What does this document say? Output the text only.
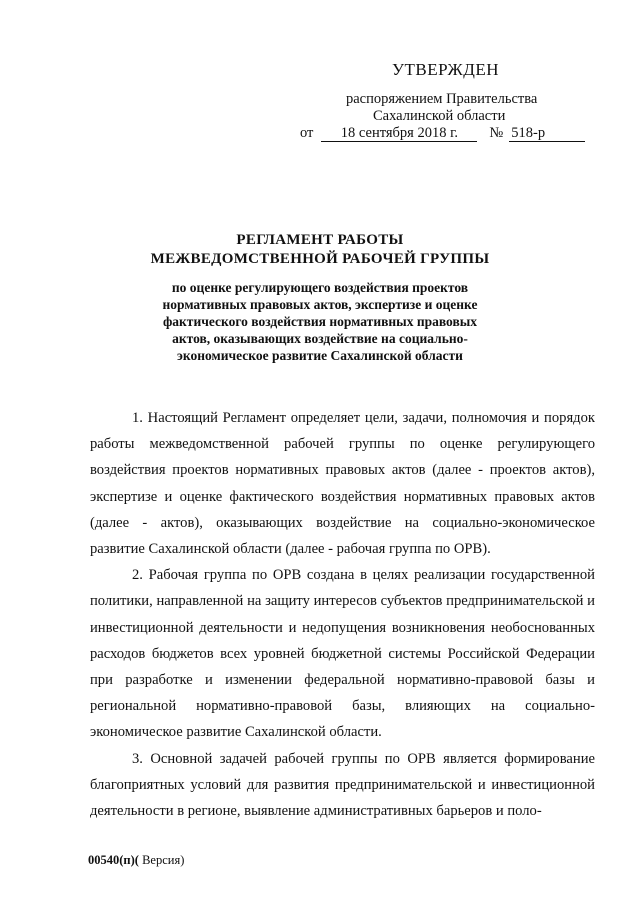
УТВЕРЖДЕН
распоряжением Правительства
Сахалинской области
от	18 сентября 2018 г.	№ 518-р
РЕГЛАМЕНТ РАБОТЫ
МЕЖВЕДОМСТВЕННОЙ РАБОЧЕЙ ГРУППЫ
по оценке регулирующего воздействия проектов
нормативных правовых актов, экспертизе и оценке
фактического воздействия нормативных правовых
актов, оказывающих воздействие на социально-
экономическое развитие Сахалинской области

1. Настоящий Регламент определяет цели, задачи, полномочия и порядок работы межведомственной рабочей группы по оценке регулирующего воздействия проектов нормативных правовых актов (далее - проектов актов), экспертизе и оценке фактического воздействия нормативных правовых актов (далее - актов), оказывающих воздействие на социально-экономическое развитие Сахалинской области (далее - рабочая группа по ОРВ).

2. Рабочая группа по ОРВ создана в целях реализации государственной политики, направленной на защиту интересов субъектов предпринимательской и инвестиционной деятельности и недопущения возникновения необоснованных расходов бюджетов всех уровней бюджетной системы Российской Федерации при разработке и изменении федеральной нормативно-правовой базы и региональной нормативно-правовой базы, влияющих на социально-экономическое развитие Сахалинской области.

3. Основной задачей рабочей группы по ОРВ является формирование благоприятных условий для развития предпринимательской и инвестиционной деятельности в регионе, выявление административных барьеров и поло-

00540(п)( Версия)
